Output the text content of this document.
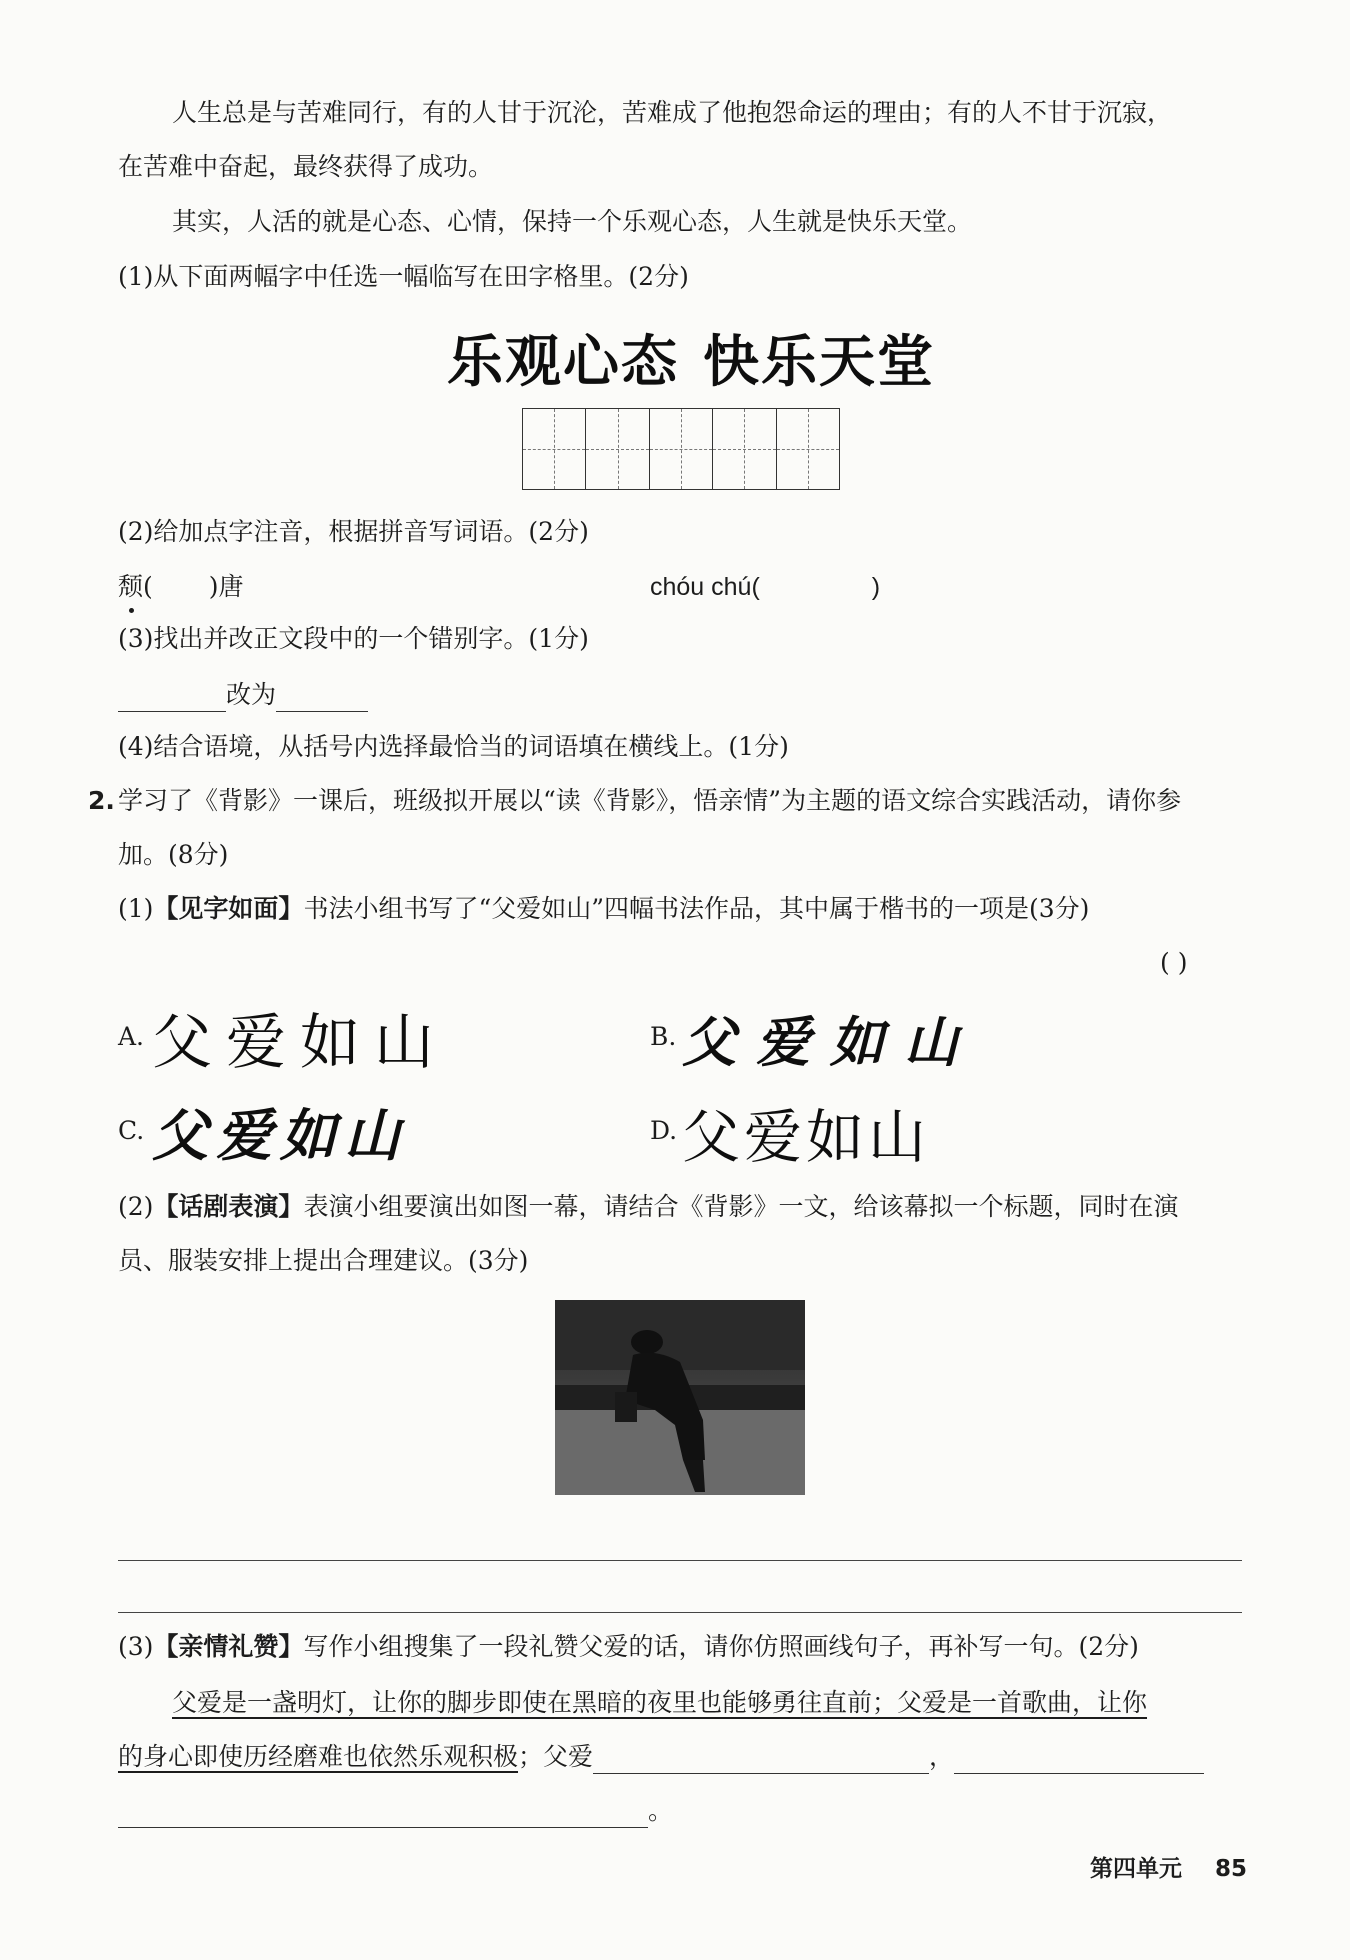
人生总是与苦难同行，有的人甘于沉沦，苦难成了他抱怨命运的理由；有的人不甘于沉寂，
在苦难中奋起，最终获得了成功。
其实，人活的就是心态、心情，保持一个乐观心态，人生就是快乐天堂。
(1)从下面两幅字中任选一幅临写在田字格里。(2分)
乐观心态 快乐天堂
(2)给加点字注音，根据拼音写词语。(2分)
颓( )唐	chóu chú(	)
(3)找出并改正文段中的一个错别字。(1分)
改为
(4)结合语境，从括号内选择最恰当的词语填在横线上。(1分)
2. 学习了《背影》一课后，班级拟开展以“读《背影》，悟亲情”为主题的语文综合实践活动，请你参
加。(8分)
(1)【见字如面】书法小组书写了“父爱如山”四幅书法作品，其中属于楷书的一项是(3分)
( )
A. 父爱如山	B. 父爱如山
C. 父爱如山	D. 父爱如山
(2)【话剧表演】表演小组要演出如图一幕，请结合《背影》一文，给该幕拟一个标题，同时在演
员、服装安排上提出合理建议。(3分)
(3)【亲情礼赞】写作小组搜集了一段礼赞父爱的话，请你仿照画线句子，再补写一句。(2分)
父爱是一盏明灯，让你的脚步即使在黑暗的夜里也能够勇往直前；父爱是一首歌曲，让你
的身心即使历经磨难也依然乐观积极；父爱	，
。
第四单元 85
